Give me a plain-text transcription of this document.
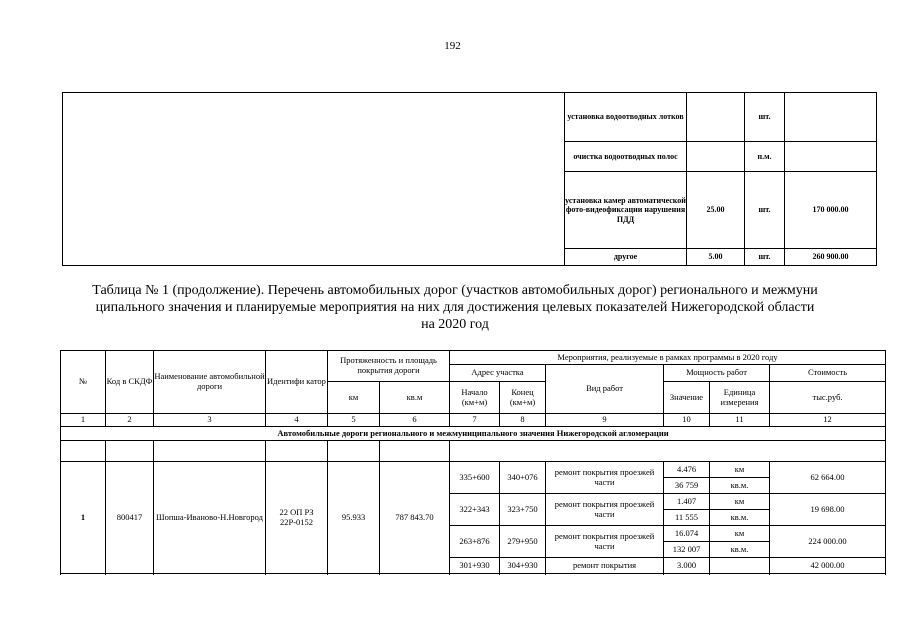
192
	установка водоотводных лотков		шт.	
	очистка водоотводных полос		п.м.	
	установка камер автоматической фото-видеофиксации нарушения ПДД	25.00	шт.	170 000.00
	другое	5.00	шт.	260 900.00
Таблица № 1 (продолжение). Перечень автомобильных дорог (участков автомобильных дорог) регионального и межмуни
ципального значения и планируемые мероприятия на них для достижения целевых показателей Нижегородской области
на 2020 год
№	Код в СКДФ	Наименование автомобильной дороги	Идентифи катор	Протяженность и площадь покрытия дороги		Мероприятия, реализуемые в рамках программы в 2020 году					
						Адрес участка		Вид работ	Мощность работ		Стоимость
				км	кв.м	Начало (км+м)	Конец (км+м)		Значение	Единица измерения	тыс.руб.
1	2	3	4	5	6	7	8	9	10	11	12
Автомобильные дороги регионального и межмуниципального значения Нижегородской агломерации											

1	800417	Шопша-Иваново-Н.Новгород	22 ОП РЗ 22Р-0152	95.933	787 843.70	335+600	340+076	ремонт покрытия проезжей части	4.476	км	62 664.00
									36 759	кв.м.	
						322+343	323+750	ремонт покрытия проезжей части	1.407	км	19 698.00
									11 555	кв.м.	
						263+876	279+950	ремонт покрытия проезжей части	16.074	км	224 000.00
									132 007	кв.м.	
						301+930	304+930	ремонт покрытия	3.000		42 000.00
